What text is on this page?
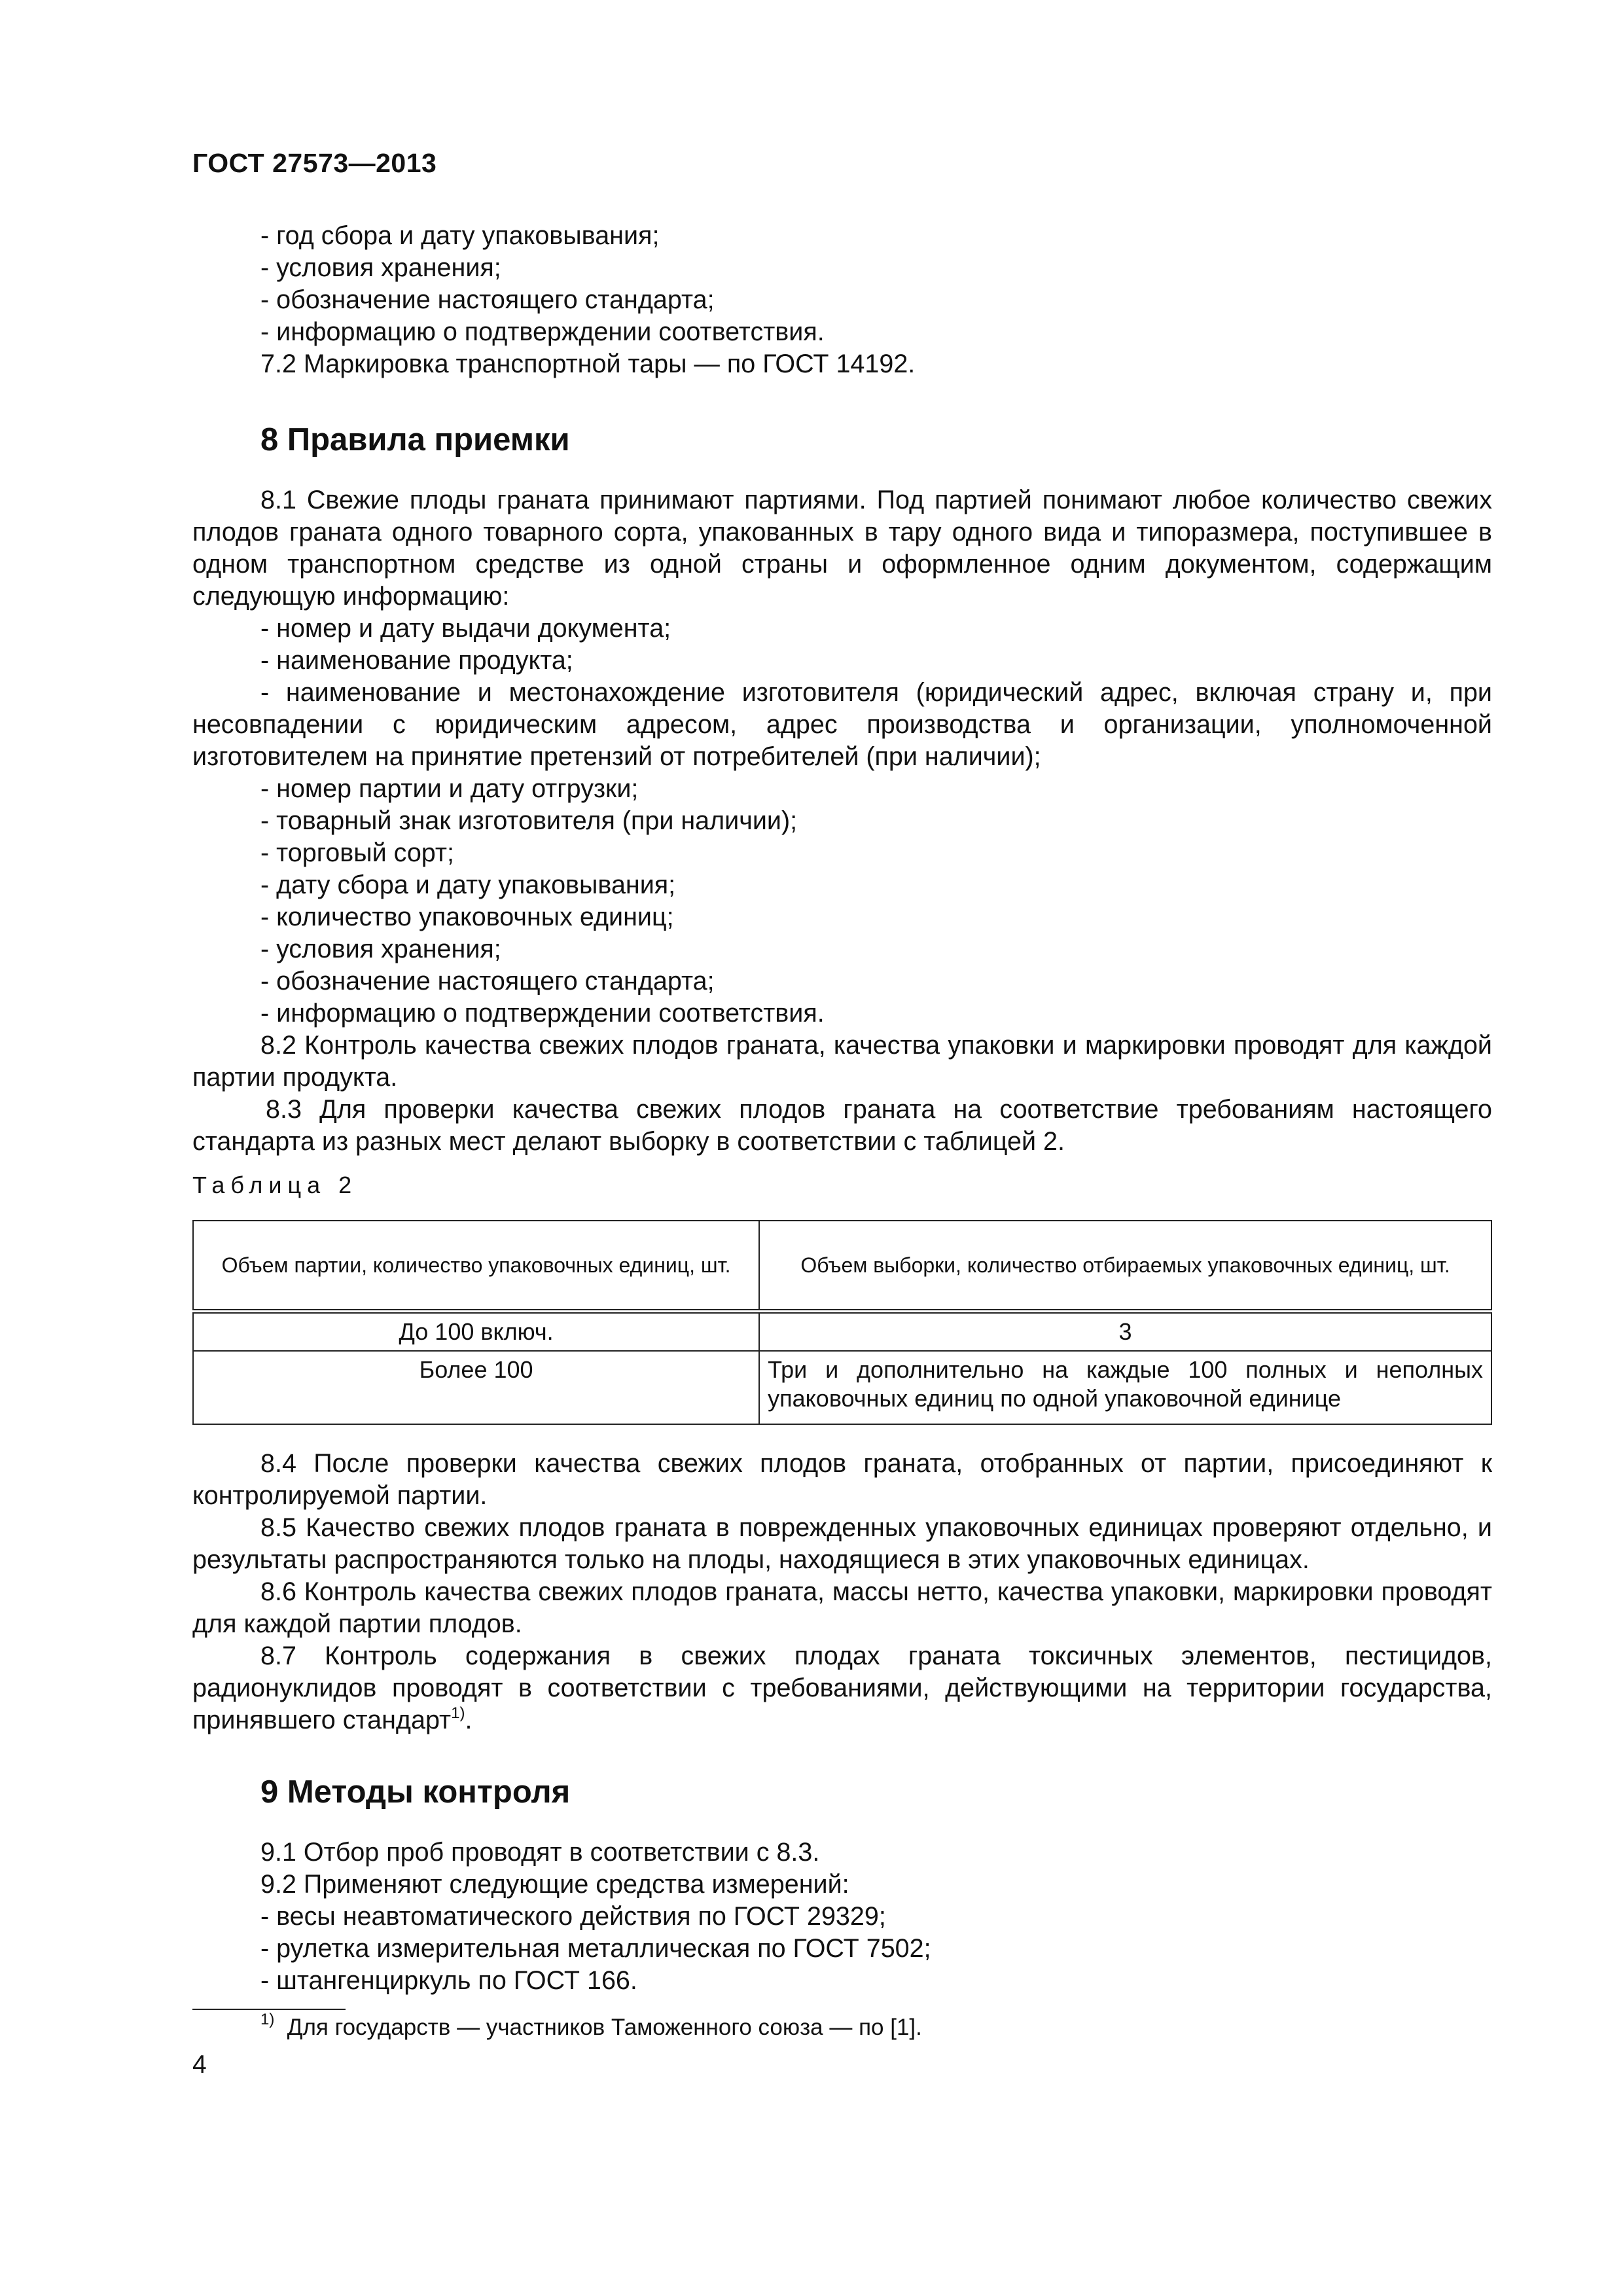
ГОСТ 27573—2013

- год сбора и дату упаковывания;

- условия хранения;

- обозначение настоящего стандарта;

- информацию о подтверждении соответствия.

7.2 Маркировка транспортной тары — по ГОСТ 14192.

8 Правила приемки

8.1 Свежие плоды граната принимают партиями. Под партией понимают любое количество свежих плодов граната одного товарного сорта, упакованных в тару одного вида и типоразмера, поступившее в одном транспортном средстве из одной страны и оформленное одним документом, содержащим следующую информацию:

- номер и дату выдачи документа;

- наименование продукта;

- наименование и местонахождение изготовителя (юридический адрес, включая страну и, при несовпадении с юридическим адресом, адрес производства и организации, уполномоченной изготовителем на принятие претензий от потребителей (при наличии);

- номер партии и дату отгрузки;

- товарный знак изготовителя (при наличии);

- торговый сорт;

- дату сбора и дату упаковывания;

- количество упаковочных единиц;

- условия хранения;

- обозначение настоящего стандарта;

- информацию о подтверждении соответствия.

8.2 Контроль качества свежих плодов граната, качества упаковки и маркировки проводят для каждой партии продукта.

8.3 Для проверки качества свежих плодов граната на соответствие требованиям настоящего стандарта из разных мест делают выборку в соответствии с таблицей 2.

Таблица 2
Объем партии, количество упаковочных единиц, шт.	Объем выборки, количество отбираемых упаковочных единиц, шт.
До 100 включ.	3
Более 100	Три и дополнительно на каждые 100 полных и неполных упаковочных единиц по одной упаковочной единице

8.4 После проверки качества свежих плодов граната, отобранных от партии, присоединяют к контролируемой партии.

8.5 Качество свежих плодов граната в поврежденных упаковочных единицах проверяют отдельно, и результаты распространяются только на плоды, находящиеся в этих упаковочных единицах.

8.6 Контроль качества свежих плодов граната, массы нетто, качества упаковки, маркировки проводят для каждой партии плодов.

8.7 Контроль содержания в свежих плодах граната токсичных элементов, пестицидов, радионуклидов проводят в соответствии с требованиями, действующими на территории государства, принявшего стандарт$^{1)}$.

9 Методы контроля

9.1 Отбор проб проводят в соответствии с 8.3.

9.2 Применяют следующие средства измерений:

- весы неавтоматического действия по ГОСТ 29329;

- рулетка измерительная металлическая по ГОСТ 7502;

- штангенциркуль по ГОСТ 166.

$^{1)}$ Для государств — участников Таможенного союза — по [1].
4
